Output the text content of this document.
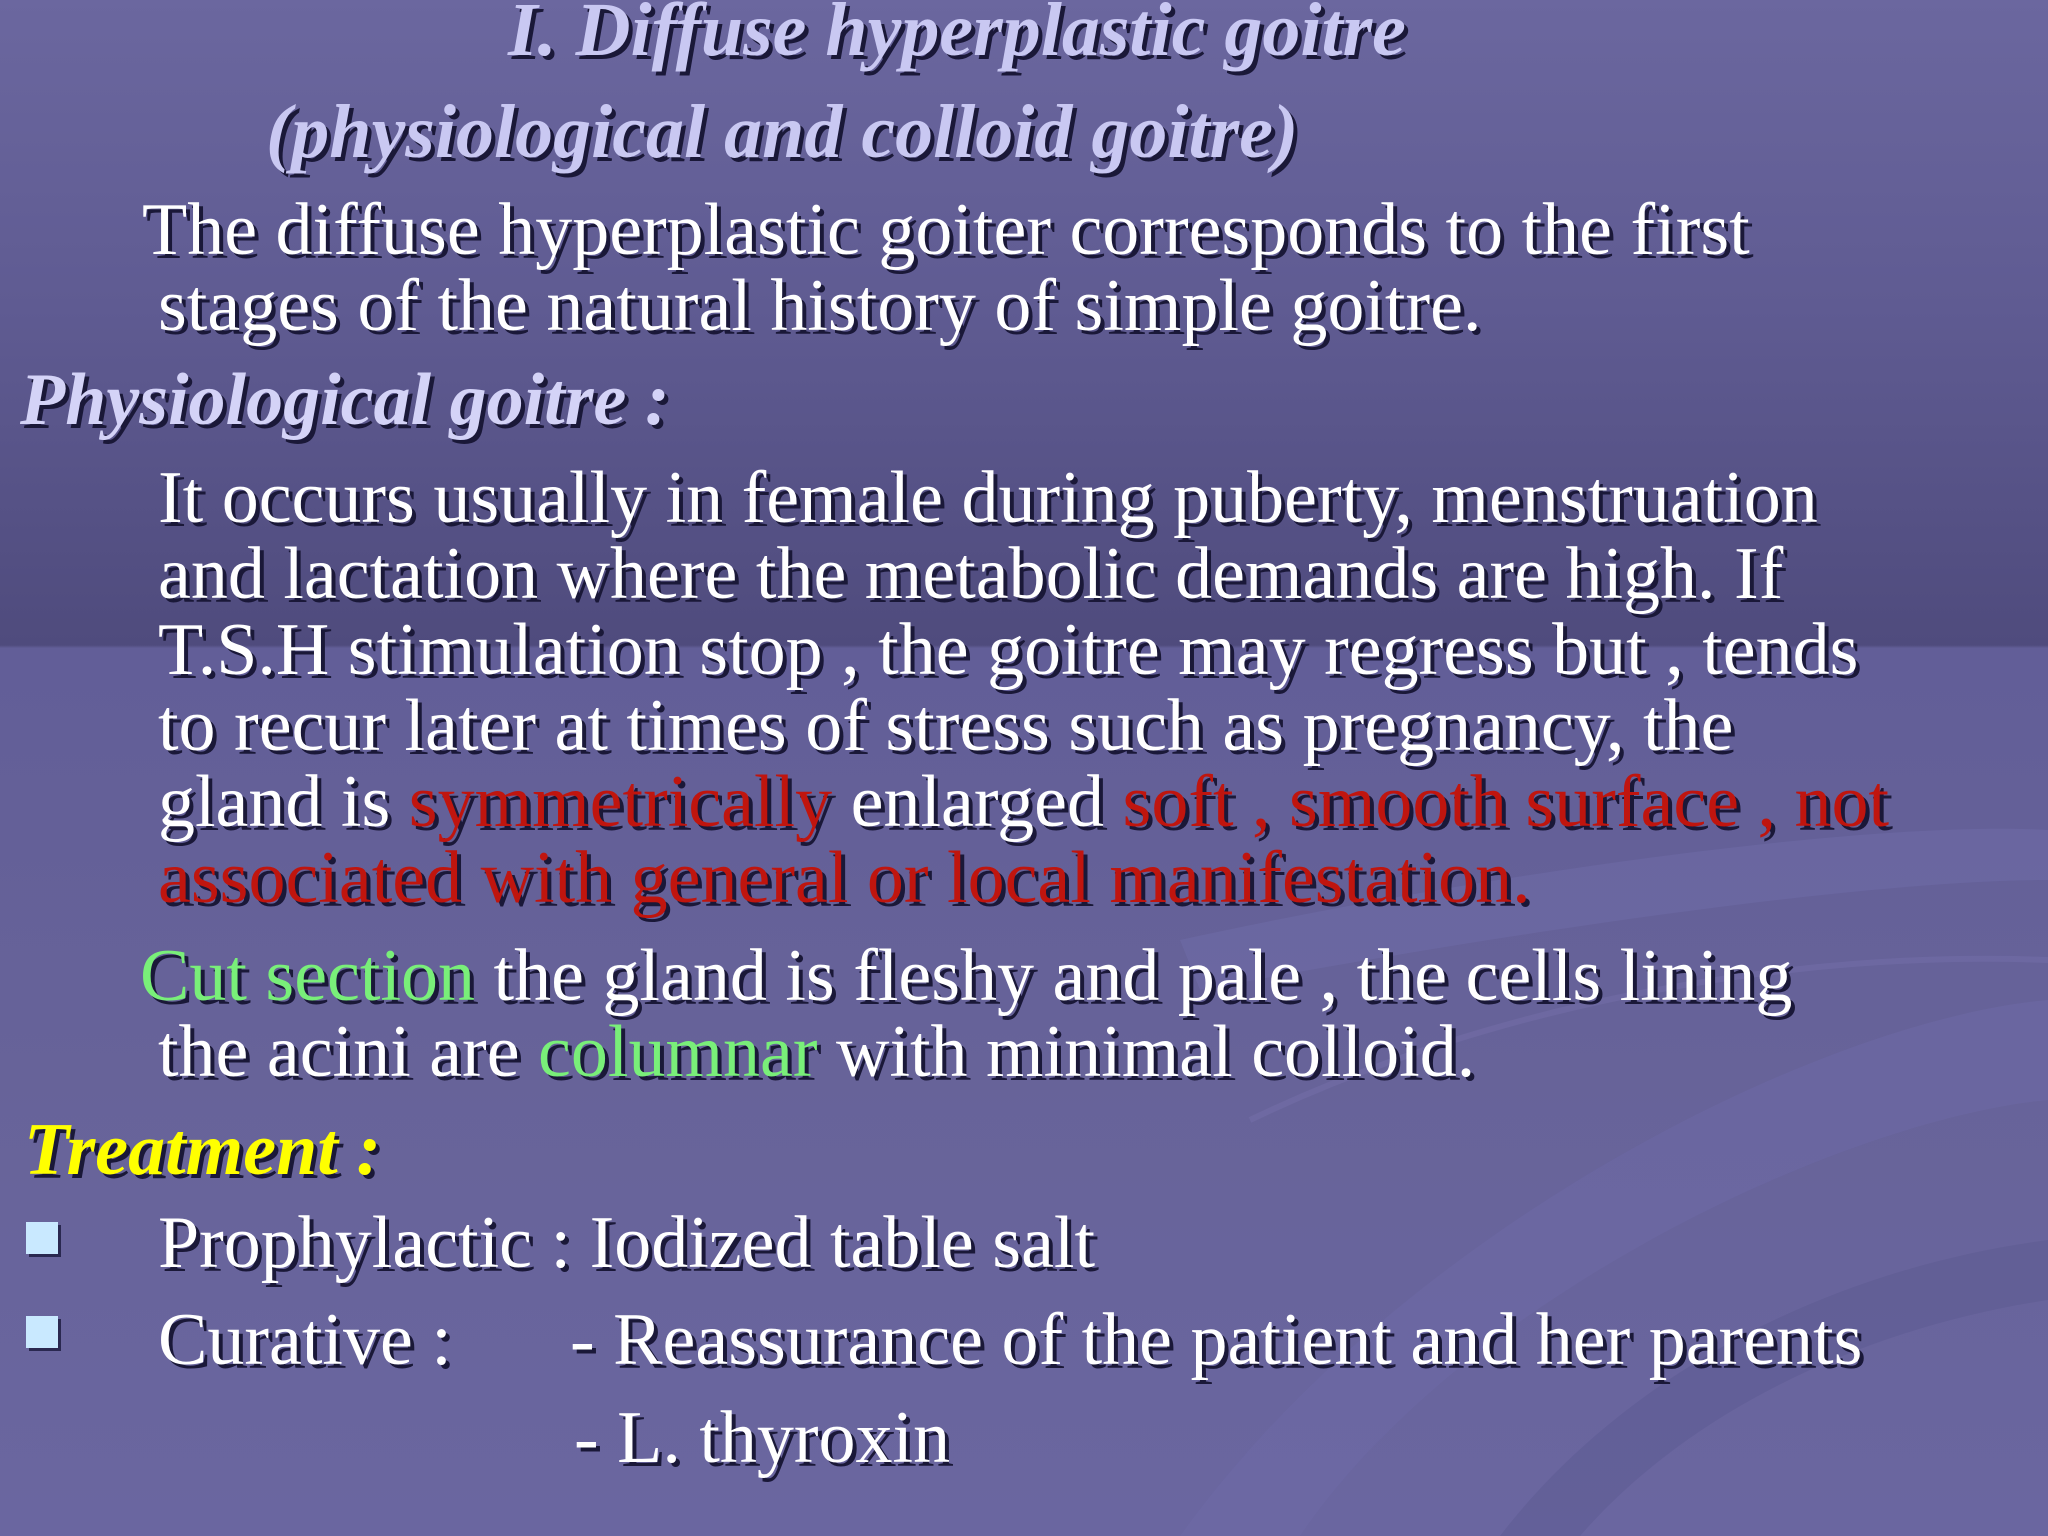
I. Diffuse hyperplastic goitre

(physiological and colloid goitre)

The diffuse hyperplastic goiter corresponds to the first

stages of the natural history of simple goitre.

Physiological goitre :

It occurs usually in female during puberty, menstruation

and lactation where the metabolic demands are high. If

T.S.H stimulation stop , the goitre may regress but , tends

to recur later at times of stress such as pregnancy, the

gland is symmetrically enlarged soft , smooth surface , not

associated with general or local manifestation.

Cut section the gland is fleshy and pale , the cells lining

the acini are columnar with minimal colloid.

Treatment :

Prophylactic : Iodized table salt

Curative : - Reassurance of the patient and her parents

- L. thyroxin
